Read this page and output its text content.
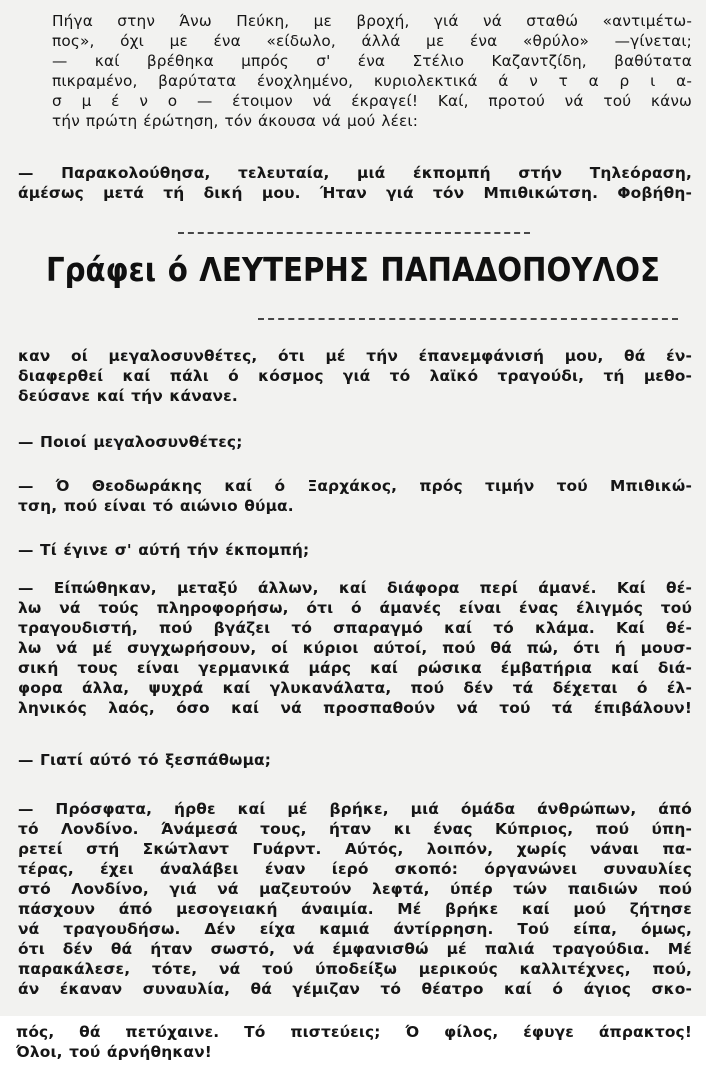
Πήγα στην Άνω Πεύκη, με βροχή, γιά νά σταθώ «αντιμέτω-
πος», όχι με ένα «είδωλο, άλλά με ένα «θρύλο» —γίνεται;
— καί βρέθηκα μπρός σ' ένα Στέλιο Καζαντζίδη, βαθύτατα
πικραμένο, βαρύτατα ένοχλημένο, κυριολεκτικά ά ν τ α ρ ι α-
σ μ έ ν ο — έτοιμον νά έκραγεί! Καί, προτού νά τού κάνω
τήν πρώτη έρώτηση, τόν άκουσα νά μού λέει:
— Παρακολούθησα, τελευταία, μιά έκπομπή στήν Τηλεόραση,
άμέσως μετά τή δική μου. Ήταν γιά τόν Μπιθικώτση. Φοβήθη-
Γράφει ό ΛΕΥΤΕΡΗΣ ΠΑΠΑΔΟΠΟΥΛΟΣ
καν οί μεγαλοσυνθέτες, ότι μέ τήν έπανεμφάνισή μου, θά έν-
διαφερθεί καί πάλι ό κόσμος γιά τό λαϊκό τραγούδι, τή μεθο-
δεύσανε καί τήν κάνανε.
— Ποιοί μεγαλοσυνθέτες;
— Ό Θεοδωράκης καί ό Ξαρχάκος, πρός τιμήν τού Μπιθικώ-
τση, πού είναι τό αιώνιο θύμα.
— Τί έγινε σ' αύτή τήν έκπομπή;
— Είπώθηκαν, μεταξύ άλλων, καί διάφορα περί άμανέ. Καί θέ-
λω νά τούς πληροφορήσω, ότι ό άμανές είναι ένας έλιγμός τού
τραγουδιστή, πού βγάζει τό σπαραγμό καί τό κλάμα. Καί θέ-
λω νά μέ συγχωρήσουν, οί κύριοι αύτοί, πού θά πώ, ότι ή μουσ-
σική τους είναι γερμανικά μάρς καί ρώσικα έμβατήρια καί διά-
φορα άλλα, ψυχρά καί γλυκανάλατα, πού δέν τά δέχεται ό έλ-
ληνικός λαός, όσο καί νά προσπαθούν νά τού τά έπιβάλουν!
— Γιατί αύτό τό ξεσπάθωμα;
— Πρόσφατα, ήρθε καί μέ βρήκε, μιά όμάδα άνθρώπων, άπό
τό Λονδίνο. Άνάμεσά τους, ήταν κι ένας Κύπριος, πού ύπη-
ρετεί στή Σκώτλαντ Γυάρντ. Αύτός, λοιπόν, χωρίς νάναι πα-
τέρας, έχει άναλάβει έναν ίερό σκοπό: όργανώνει συναυλίες
στό Λονδίνο, γιά νά μαζευτούν λεφτά, ύπέρ τών παιδιών πού
πάσχουν άπό μεσογειακή άναιμία. Μέ βρήκε καί μού ζήτησε
νά τραγουδήσω. Δέν είχα καμιά άντίρρηση. Τού είπα, όμως,
ότι δέν θά ήταν σωστό, νά έμφανισθώ μέ παλιά τραγούδια. Μέ
παρακάλεσε, τότε, νά τού ύποδείξω μερικούς καλλιτέχνες, πού,
άν έκαναν συναυλία, θά γέμιζαν τό θέατρο καί ό άγιος σκο-
πός, θά πετύχαινε. Τό πιστεύεις; Ό φίλος, έφυγε άπρακτος!
Όλοι, τού άρνήθηκαν!
